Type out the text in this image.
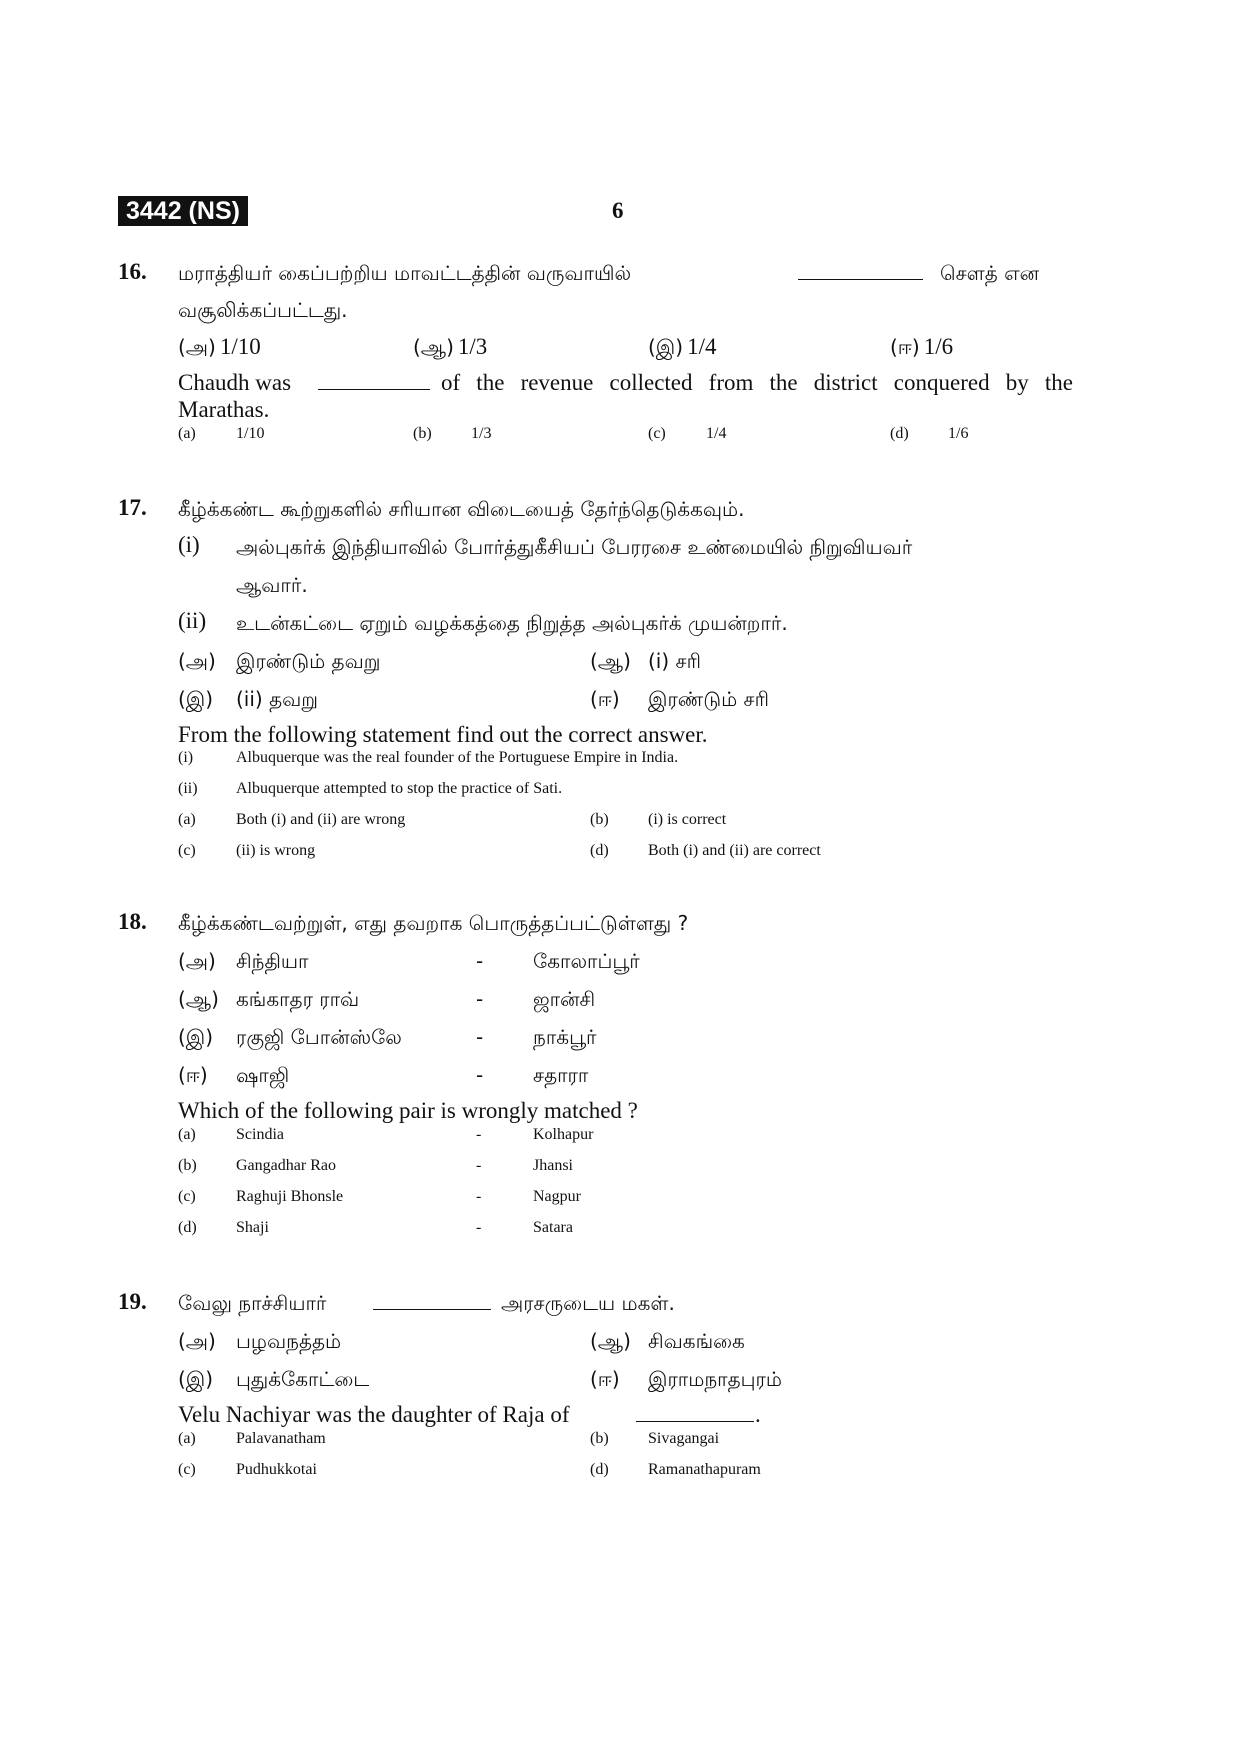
3442 (NS)	6
16. மராத்தியர் கைப்பற்றிய மாவட்டத்தின் வருவாயில்	சௌத் என
வசூலிக்கப்பட்டது.
(அ) 1/10	(ஆ) 1/3	(இ) 1/4	(ஈ) 1/6
Chaudh was	of the revenue collected from the district conquered by the
Marathas.
(a)	1/10	(b) 1/3	(c)	1/4	(d) 1/6
17. கீழ்க்கண்ட கூற்றுகளில் சரியான விடையைத் தேர்ந்தெடுக்கவும்.
(i) அல்புகர்க் இந்தியாவில் போர்த்துகீசியப் பேரரசை உண்மையில் நிறுவியவர்
ஆவார்.
(ii) உடன்கட்டை ஏறும் வழக்கத்தை நிறுத்த அல்புகர்க் முயன்றார்.
(அ) இரண்டும் தவறு	(ஆ) (i) சரி
(இ) (ii) தவறு	(ஈ) இரண்டும் சரி
From the following statement find out the correct answer.
(i)	Albuquerque was the real founder of the Portuguese Empire in India.
(ii) Albuquerque attempted to stop the practice of Sati.
(a)	Both (i) and (ii) are wrong	(b) (i) is correct
(c)	(ii) is wrong	(d) Both (i) and (ii) are correct
18. கீழ்க்கண்டவற்றுள், எது தவறாக பொருத்தப்பட்டுள்ளது ?
(அ) சிந்தியா	- கோலாப்பூர்
(ஆ) கங்காதர ராவ்	- ஜான்சி
(இ) ரகுஜி போன்ஸ்லே	- நாக்பூர்
(ஈ) ஷாஜி	- சதாரா
Which of the following pair is wrongly matched ?
(a)	Scindia	-	Kolhapur
(b) Gangadhar Rao	-	Jhansi
(c)	Raghuji Bhonsle	-	Nagpur
(d) Shaji	-	Satara
19. வேலு நாச்சியார்	அரசருடைய மகள்.
(அ) பழவநத்தம்	(ஆ) சிவகங்கை
(இ) புதுக்கோட்டை	(ஈ) இராமநாதபுரம்
Velu Nachiyar was the daughter of Raja of	.
(a)	Palavanatham	(b) Sivagangai
(c)	Pudhukkotai	(d) Ramanathapuram
